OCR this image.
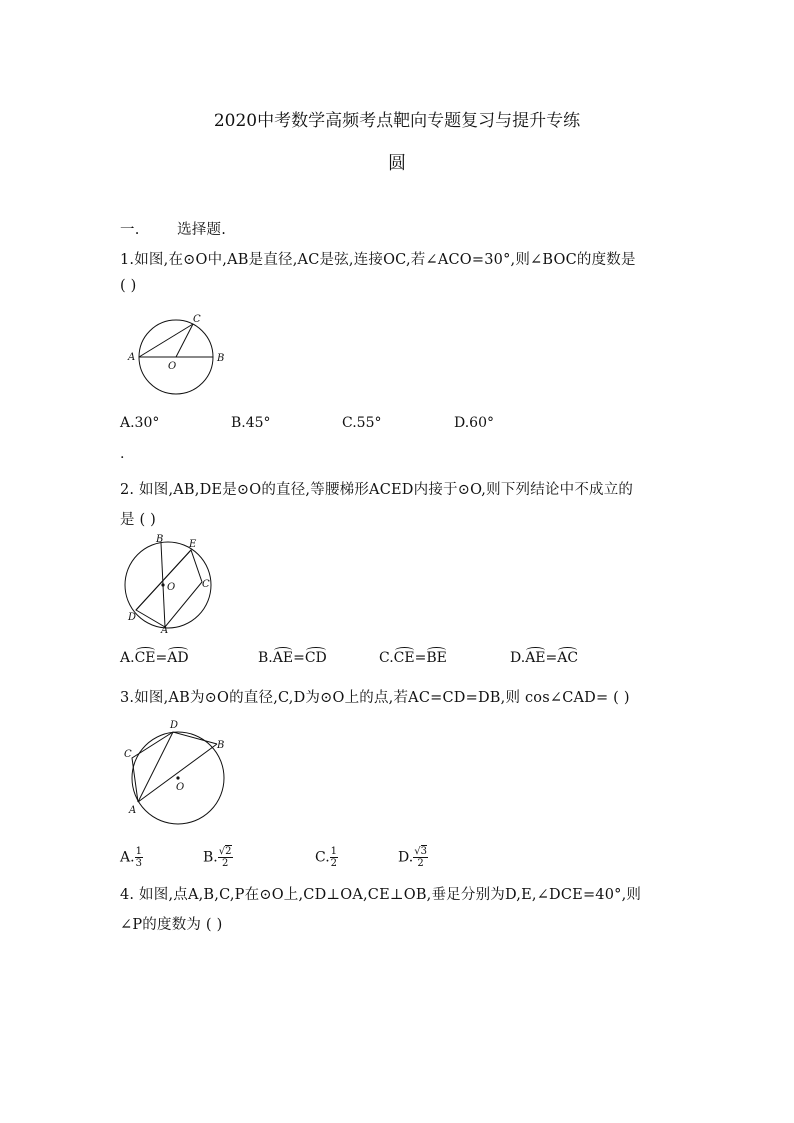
2020中考数学高频考点靶向专题复习与提升专练
圆
一.	选择题.
1.如图,在⊙O中,AB是直径,AC是弦,连接OC,若∠ACO=30°,则∠BOC的度数是
( )
A	B
C
O
A.30°	B.45°	C.55°	D.60°
.
2. 如图,AB,DE是⊙O的直径,等腰梯形ACED内接于⊙O,则下列结论中不成立的
是 ( )
B	E
C
D
A
O
A.CE=AD	B.AE=CD	C.CE=BE	D.AE=AC
3.如图,AB为⊙O的直径,C,D为⊙O上的点,若AC=CD=DB,则 cos∠CAD= ( )
D
B
C
A
O
A. $\frac{1}{3}$	B. $\frac{√2}{2}$	C. $\frac{1}{2}$	D. $\frac{√3}{2}$
4. 如图,点A,B,C,P在⊙O上,CD⊥OA,CE⊥OB,垂足分别为D,E,∠DCE=40°,则
∠P的度数为 ( )
